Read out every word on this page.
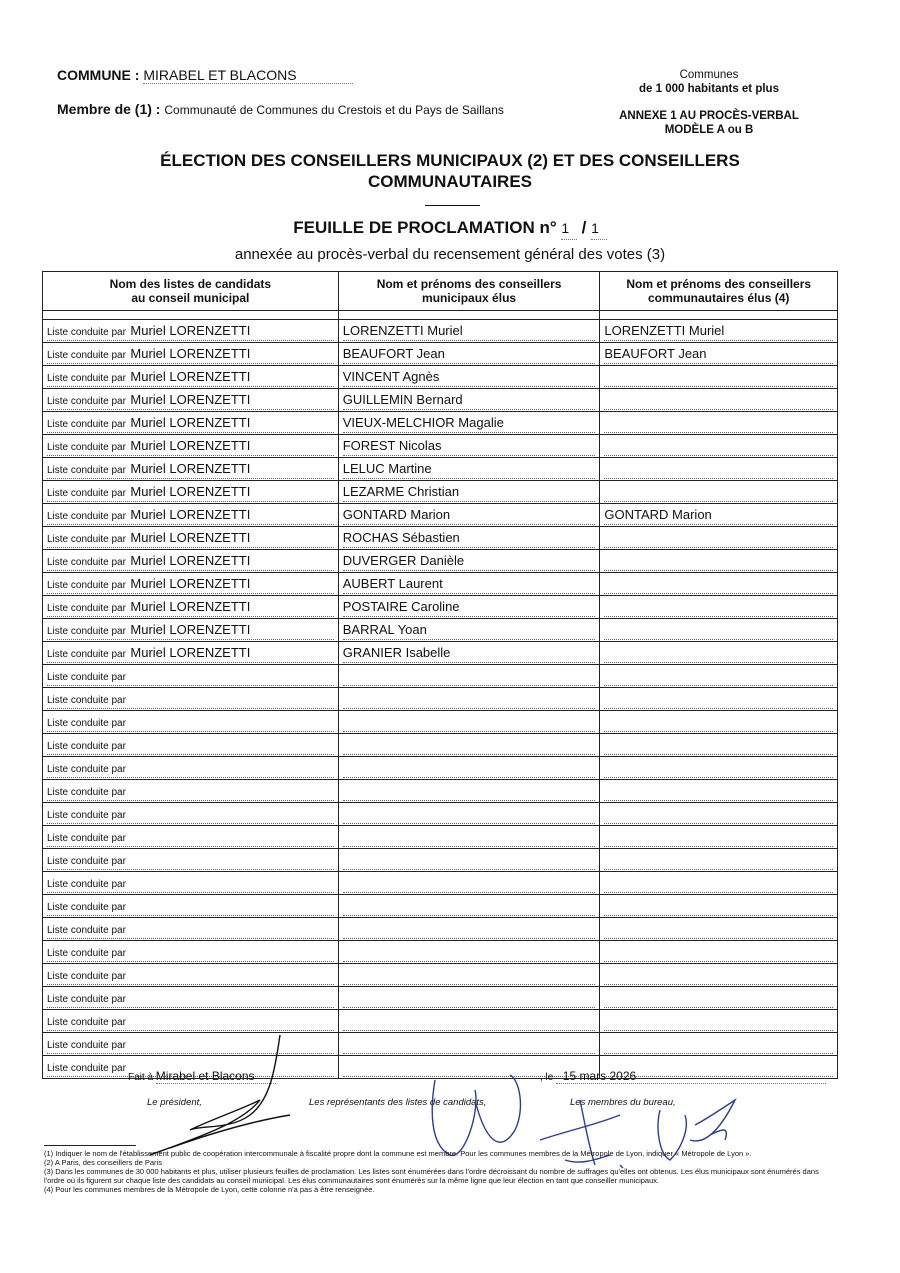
COMMUNE : MIRABEL ET BLACONS
Membre de (1) : Communauté de Communes du Crestois et du Pays de Saillans
Communes
de 1 000 habitants et plus
ANNEXE 1 AU PROCÈS-VERBAL
MODÈLE A ou B
ÉLECTION DES CONSEILLERS MUNICIPAUX (2) ET DES CONSEILLERS
COMMUNAUTAIRES
FEUILLE DE PROCLAMATION n° 1 / 1
annexée au procès-verbal du recensement général des votes (3)
Nom des listes de candidats
au conseil municipal	Nom et prénoms des conseillers
municipaux élus	Nom et prénoms des conseillers
communautaires élus (4)

Liste conduite par Muriel LORENZETTI	LORENZETTI Muriel	LORENZETTI Muriel

Liste conduite par Muriel LORENZETTI	BEAUFORT Jean	BEAUFORT Jean

Liste conduite par Muriel LORENZETTI	VINCENT Agnès	

Liste conduite par Muriel LORENZETTI	GUILLEMIN Bernard	

Liste conduite par Muriel LORENZETTI	VIEUX-MELCHIOR Magalie	

Liste conduite par Muriel LORENZETTI	FOREST Nicolas	

Liste conduite par Muriel LORENZETTI	LELUC Martine	

Liste conduite par Muriel LORENZETTI	LEZARME Christian	

Liste conduite par Muriel LORENZETTI	GONTARD Marion	GONTARD Marion

Liste conduite par Muriel LORENZETTI	ROCHAS Sébastien	

Liste conduite par Muriel LORENZETTI	DUVERGER Danièle	

Liste conduite par Muriel LORENZETTI	AUBERT Laurent	

Liste conduite par Muriel LORENZETTI	POSTAIRE Caroline	

Liste conduite par Muriel LORENZETTI	BARRAL Yoan	

Liste conduite par Muriel LORENZETTI	GRANIER Isabelle	

Liste conduite par		

Liste conduite par		

Liste conduite par		

Liste conduite par		

Liste conduite par		

Liste conduite par		

Liste conduite par		

Liste conduite par		

Liste conduite par		

Liste conduite par		

Liste conduite par		

Liste conduite par		

Liste conduite par		

Liste conduite par		

Liste conduite par		

Liste conduite par		

Liste conduite par		

Liste conduite par		

Fait à Mirabel et Blacons	, le 15 mars 2026
Le président,	Les représentants des listes de candidats,	Les membres du bureau,
(1) Indiquer le nom de l'établissement public de coopération intercommunale à fiscalité propre dont la commune est membre. Pour les communes membres de la Métropole de Lyon, indiquer « Métropole de Lyon ».
(2) A Paris, des conseillers de Paris
(3) Dans les communes de 30 000 habitants et plus, utiliser plusieurs feuilles de proclamation. Les listes sont énumérées dans l'ordre décroissant du nombre de suffrages qu'elles ont obtenus. Les élus municipaux sont énumérés dans l'ordre où ils figurent sur chaque liste des candidats au conseil municipal. Les élus communautaires sont énumérés sur la même ligne que leur élection en tant que conseiller municipaux.
(4) Pour les communes membres de la Métropole de Lyon, cette colonne n'a pas à être renseignée.
